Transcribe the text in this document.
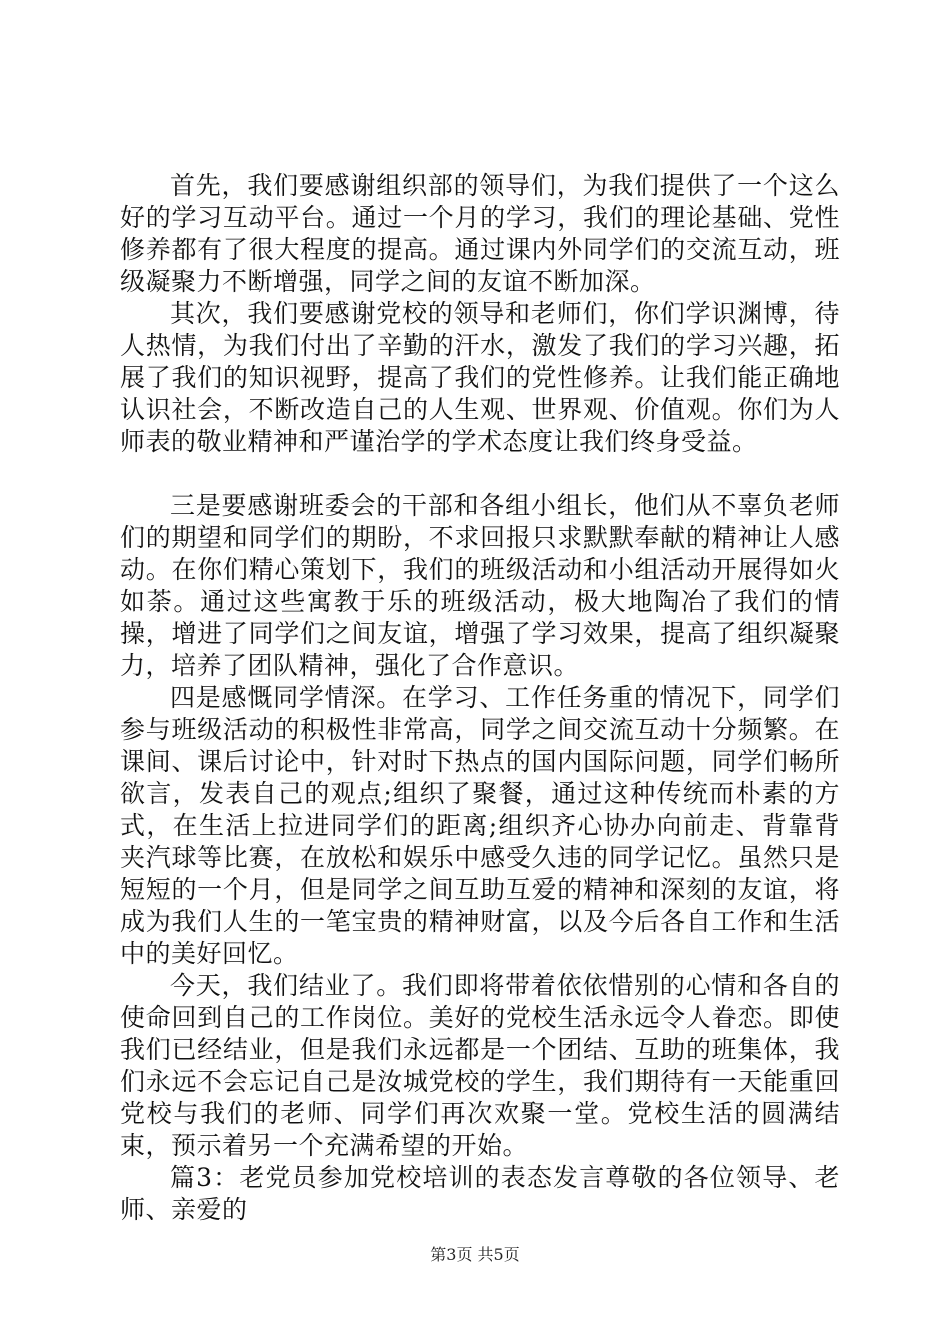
首先，我们要感谢组织部的领导们，为我们提供了一个这么好的学习互动平台。通过一个月的学习，我们的理论基础、党性修养都有了很大程度的提高。通过课内外同学们的交流互动，班级凝聚力不断增强，同学之间的友谊不断加深。

其次，我们要感谢党校的领导和老师们，你们学识渊博，待人热情，为我们付出了辛勤的汗水，激发了我们的学习兴趣，拓展了我们的知识视野，提高了我们的党性修养。让我们能正确地认识社会，不断改造自己的人生观、世界观、价值观。你们为人师表的敬业精神和严谨治学的学术态度让我们终身受益。

三是要感谢班委会的干部和各组小组长，他们从不辜负老师们的期望和同学们的期盼，不求回报只求默默奉献的精神让人感动。在你们精心策划下，我们的班级活动和小组活动开展得如火如荼。通过这些寓教于乐的班级活动，极大地陶冶了我们的情操，增进了同学们之间友谊，增强了学习效果，提高了组织凝聚力，培养了团队精神，强化了合作意识。

四是感慨同学情深。在学习、工作任务重的情况下，同学们参与班级活动的积极性非常高，同学之间交流互动十分频繁。在课间、课后讨论中，针对时下热点的国内国际问题，同学们畅所欲言，发表自己的观点;组织了聚餐，通过这种传统而朴素的方式，在生活上拉进同学们的距离;组织齐心协办向前走、背靠背夹汽球等比赛，在放松和娱乐中感受久违的同学记忆。虽然只是短短的一个月，但是同学之间互助互爱的精神和深刻的友谊，将成为我们人生的一笔宝贵的精神财富，以及今后各自工作和生活中的美好回忆。

今天，我们结业了。我们即将带着依依惜别的心情和各自的使命回到自己的工作岗位。美好的党校生活永远令人眷恋。即使我们已经结业，但是我们永远都是一个团结、互助的班集体，我们永远不会忘记自己是汝城党校的学生，我们期待有一天能重回党校与我们的老师、同学们再次欢聚一堂。党校生活的圆满结束，预示着另一个充满希望的开始。

篇3：老党员参加党校培训的表态发言尊敬的各位领导、老师、亲爱的

第3页 共5页
